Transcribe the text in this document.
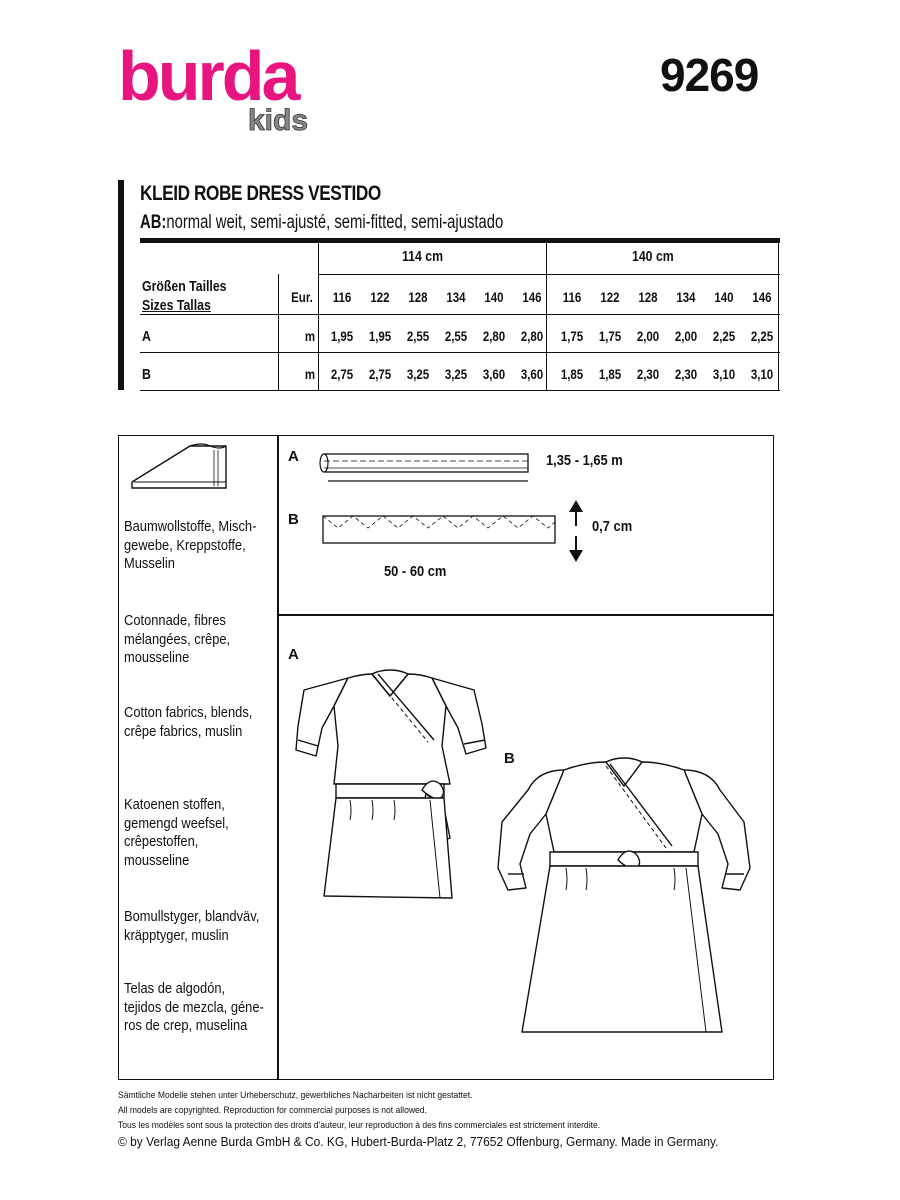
burda
kids
9269
KLEID ROBE DRESS VESTIDO
AB:normal weit, semi-ajusté, semi-fitted, semi-ajustado
114 cm	140 cm
Größen Tailles
Sizes Tallas	Eur.	116	122	128	134	140	146	116	122	128	134	140	146
A	m	1,95	1,95	2,55	2,55	2,80	2,80	1,75	1,75	2,00	2,00	2,25	2,25
B	m	2,75	2,75	3,25	3,25	3,60	3,60	1,85	1,85	2,30	2,30	3,10	3,10
Baumwollstoffe, Misch-
gewebe, Kreppstoffe,
Musselin
Cotonnade, fibres
mélangées, crêpe,
mousseline
Cotton fabrics, blends,
crêpe fabrics, muslin
Katoenen stoffen,
gemengd weefsel,
crêpestoffen,
mousseline
Bomullstyger, blandväv,
kräpptyger, muslin
Telas de algodón,
tejidos de mezcla, géne-
ros de crep, muselina
A	1,35 - 1,65 m
B	0,7 cm
50 - 60 cm
A
B
Sämtliche Modelle stehen unter Urheberschutz, gewerbliches Nacharbeiten ist nicht gestattet.
All models are copyrighted. Reproduction for commercial purposes is not allowed.
Tous les modèles sont sous la protection des droits d'auteur, leur reproduction à des fins commerciales est strictement interdite.
© by Verlag Aenne Burda GmbH & Co. KG, Hubert-Burda-Platz 2, 77652 Offenburg, Germany. Made in Germany.
